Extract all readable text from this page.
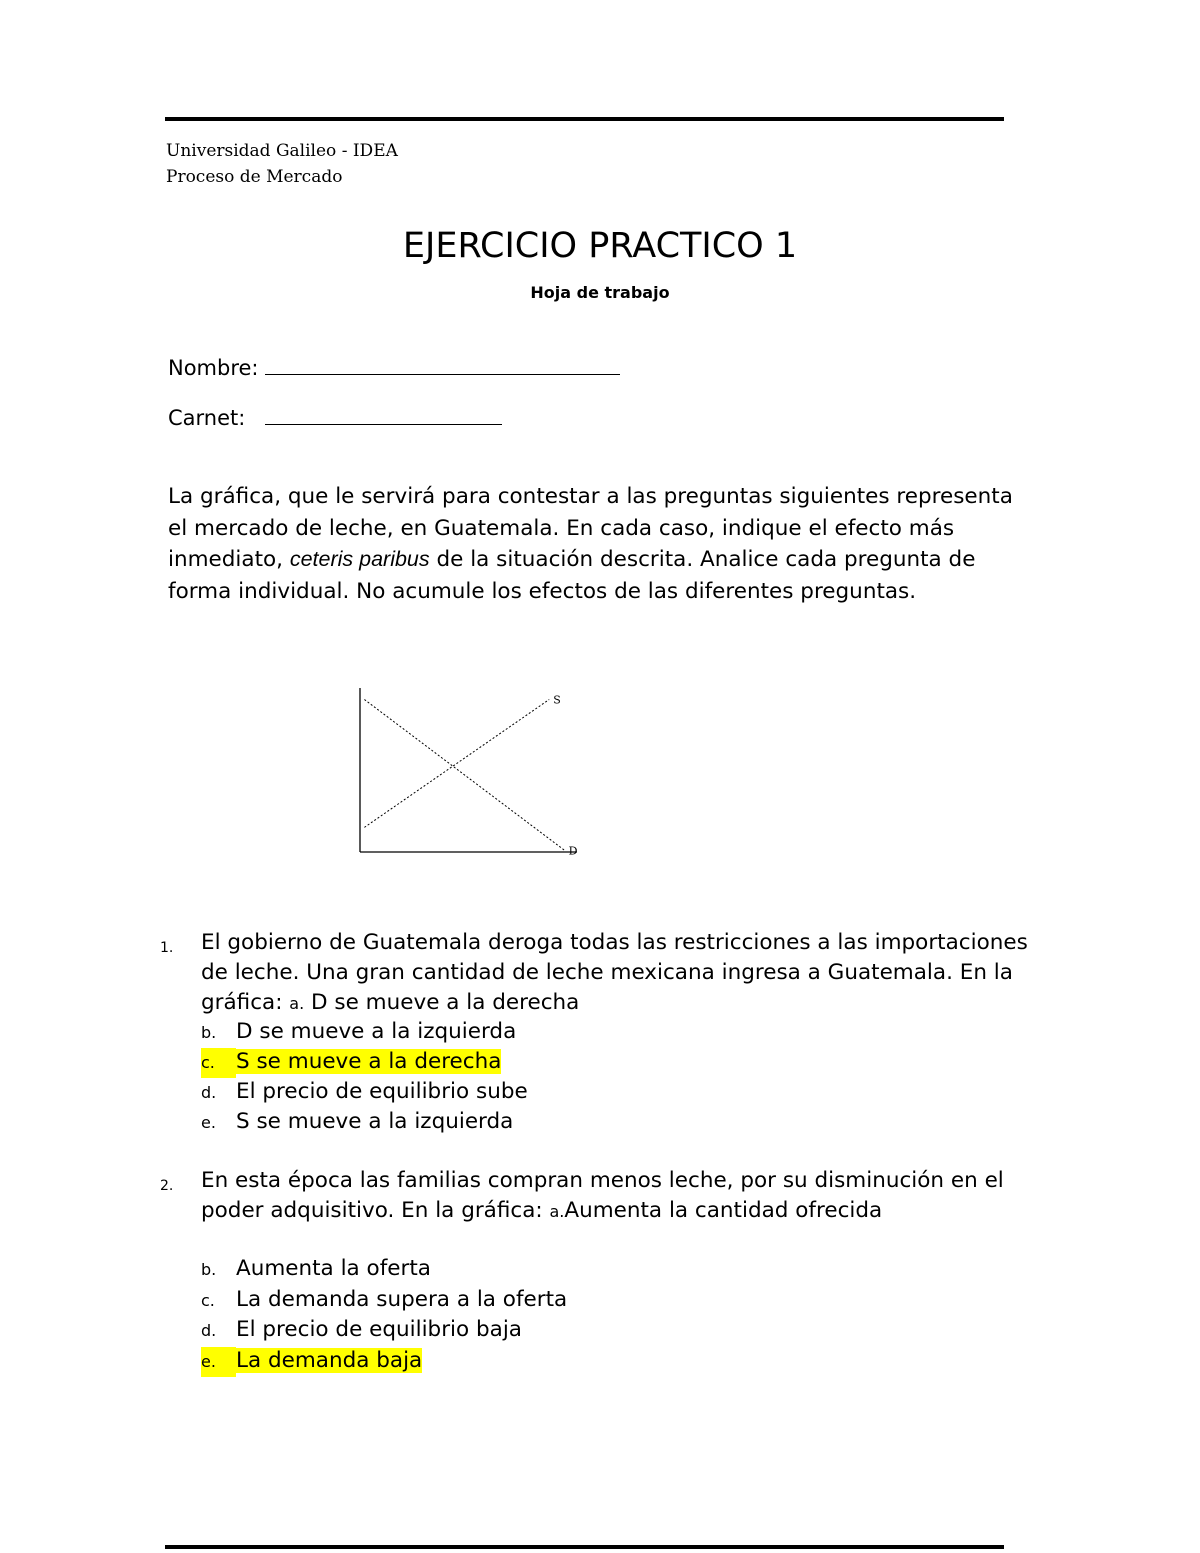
Universidad Galileo - IDEA
Proceso de Mercado
EJERCICIO PRACTICO 1
Hoja de trabajo
Nombre:
Carnet:
La gráfica, que le servirá para contestar a las preguntas siguientes representa el mercado de leche, en Guatemala. En cada caso, indique el efecto más inmediato, ceteris paribus de la situación descrita. Analice cada pregunta de forma individual. No acumule los efectos de las diferentes preguntas.
S
D
1. El gobierno de Guatemala deroga todas las restricciones a las importaciones de leche. Una gran cantidad de leche mexicana ingresa a Guatemala. En la gráfica: a. D se mueve a la derecha
b. D se mueve a la izquierda
c. S se mueve a la derecha
d. El precio de equilibrio sube
e. S se mueve a la izquierda
2. En esta época las familias compran menos leche, por su disminución en el poder adquisitivo. En la gráfica: a.Aumenta la cantidad ofrecida
b. Aumenta la oferta
c. La demanda supera a la oferta
d. El precio de equilibrio baja
e. La demanda baja
